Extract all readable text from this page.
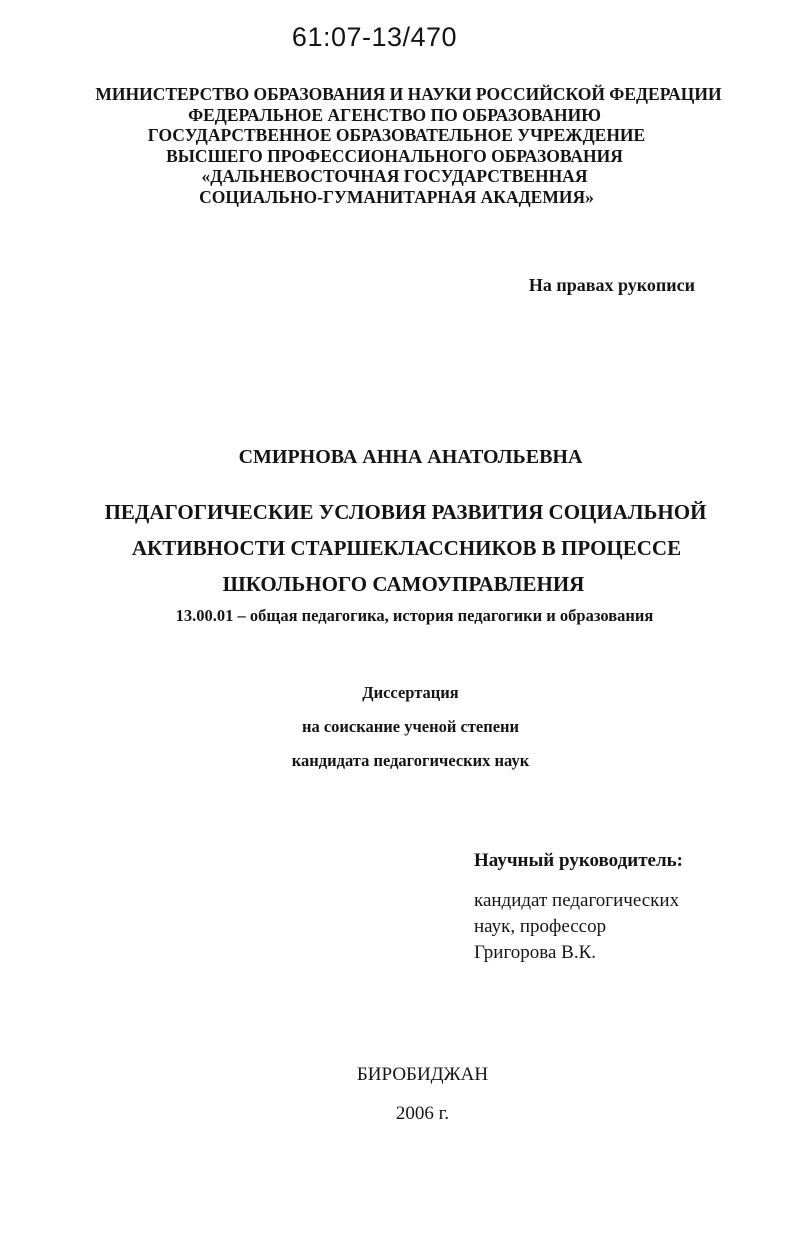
61:07-13/470
МИНИСТЕРСТВО ОБРАЗОВАНИЯ И НАУКИ РОССИЙСКОЙ ФЕДЕРАЦИИ
ФЕДЕРАЛЬНОЕ АГЕНСТВО ПО ОБРАЗОВАНИЮ
ГОСУДАРСТВЕННОЕ ОБРАЗОВАТЕЛЬНОЕ УЧРЕЖДЕНИЕ
ВЫСШЕГО ПРОФЕССИОНАЛЬНОГО ОБРАЗОВАНИЯ
«ДАЛЬНЕВОСТОЧНАЯ ГОСУДАРСТВЕННАЯ
СОЦИАЛЬНО-ГУМАНИТАРНАЯ АКАДЕМИЯ»
На правах рукописи
СМИРНОВА АННА АНАТОЛЬЕВНА
ПЕДАГОГИЧЕСКИЕ УСЛОВИЯ РАЗВИТИЯ СОЦИАЛЬНОЙ
АКТИВНОСТИ СТАРШЕКЛАССНИКОВ В ПРОЦЕССЕ
ШКОЛЬНОГО САМОУПРАВЛЕНИЯ
13.00.01 – общая педагогика, история педагогики и образования
Диссертация
на соискание ученой степени
кандидата педагогических наук
Научный руководитель:
кандидат педагогических
наук, профессор
Григорова В.К.
БИРОБИДЖАН
2006 г.
